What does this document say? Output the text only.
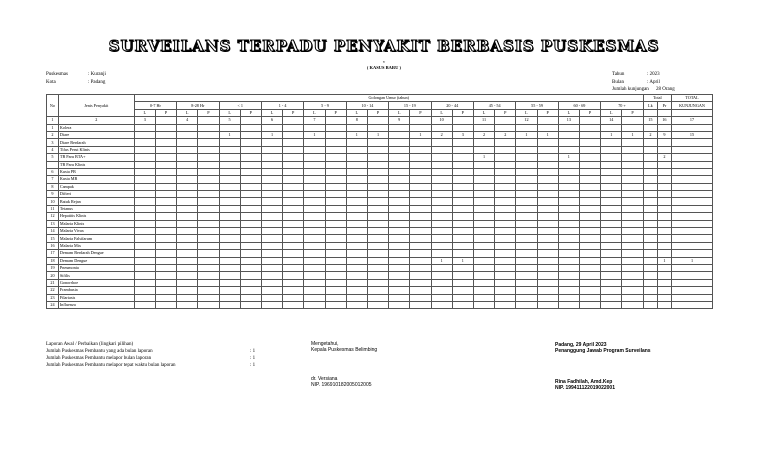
SURVEILANS TERPADU PENYAKIT BERBASIS PUSKESMAS
v
( KASUS BARU )
Puskesmas	: Kuranji
Kota	: Padang
Tahun	: 2023
Bulan	: April
Jumlah kunjungan 28 Orang
No	Jenis Penyakit	Golongan Umur (tahun)																								Total		TOTAL
		0-7 Hr		8-28 Hr		< 1		1 - 4		5 - 9		10 - 14		15 - 19		20 - 44		45 - 54		55 - 59		60 - 69		70 +		Lk	Pr	KUNJUNGAN
		L	P	L	P	L	P	L	P	L	P	L	P	L	P	L	P	L	P	L	P	L	P	L	P			
1	2	3		4		5		6		7		8		9		10		11		12		13		14		15	16	17
1	Kolera																											
2	Diare					1		1		1		1	1		1	2	3	2	2	1	1			1	1	2	9	15
3	Diare Berdarah																											
4	Tifus Perut Klinis																											
5	TB Paru BTA+																	1				1					2	
	TB Paru Klinis																											
6	Kusta PB																											
7	Kusta MB																											
8	Campak																											
9	Difteri																											
10	Batuk Rejan																											
11	Tetanus																											
12	Hepatitis Klinis																											
13	Malaria Klinis																											
14	Malaria Vivax																											
15	Malaria Falsifarum																											
16	Malaria Mix																											
17	Demam Berdarah Dengue																											
18	Demam Dengue															1	1										1	1
19	Pneumonia																											
20	Sifilis																											
21	Gonorrhoe																											
22	Frambusia																											
23	Filariasis																											
24	Influenza																											
Laporan Awal / Perbaikan (lingkari pilihan)
Jumlah Puskesmas Pembantu yang ada bulan laporan	: 1
Jumlah Puskesmas Pembantu melapor bulan laporan	: 1
Jumlah Puskesmas Pembantu melapor tepat waktu bulan laporan	: 1
Mengetahui,
Kepala Puskesmas Belimbing
dr. Versiana
NIP. 196910182005012005
Padang, 29 April 2023
Penanggung Jawab Program Surveilans
Rina Fadhilah, Amd.Kep
NIP. 199411122019022001
